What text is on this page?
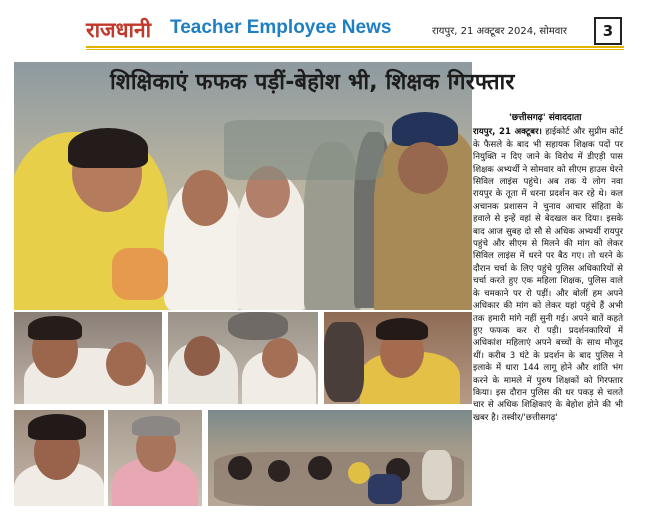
राजधानी Teacher Employee News	रायपुर, 21 अक्टूबर 2024, सोमवार	3
शिक्षिकाएं फफक पड़ीं-बेहोश भी, शिक्षक गिरफ्तार
'छत्तीसगढ़' संवाददाता

रायपुर, 21 अक्टूबर। हाईकोर्ट और सुप्रीम कोर्ट के फैसले के बाद भी सहायक शिक्षक पदों पर नियुक्ति न दिए जाने के विरोध में डीएड़ी पास शिक्षक अभ्यर्थी ने सोमवार को सीएम हाउस घेरने सिविल लाइंस पहुंचे। अब तक ये लोग नवा रायपुर के तूता में धरना प्रदर्शन कर रहे थे। कल अचानक प्रशासन ने चुनाव आचार संहिता के हवाले से इन्हें वहां से बेदखल कर दिया। इसके बाद आज सुबह दो सौ से अधिक अभ्यर्थी रायपुर पहुंचे और सीएम से मिलने की मांग को लेकर सिविल लाइंस में धरने पर बैठ गए। तो धरने के दौरान चर्चा के लिए पहुंचे पुलिस अधिकारियों से चर्चा करते हुए एक महिला शिक्षक, पुलिस वाले के चमकाने पर रो पड़ीं। और बोलीं हम अपने अधिकार की मांग को लेकर यहां पहुंचे हैं अभी तक हमारी मांगे नहीं सुनी गई। अपने बातें कहते हुए फफक कर रो पड़ी। प्रदर्शनकारियों में अधिकांश महिलाएं अपने बच्चों के साथ मौजूद थीं। करीब 3 घंटे के प्रदर्शन के बाद पुलिस ने इलाके में धारा 144 लागू होने और शांति भंग करने के मामले में पुरुष शिक्षकों को गिरफ्तार किया। इस दौरान पुलिस की धर पकड़ से चलते चार से अधिक शिक्षिकाएं के बेहोश होने की भी खबर है। तस्वीर/'छत्तीसगढ़'
